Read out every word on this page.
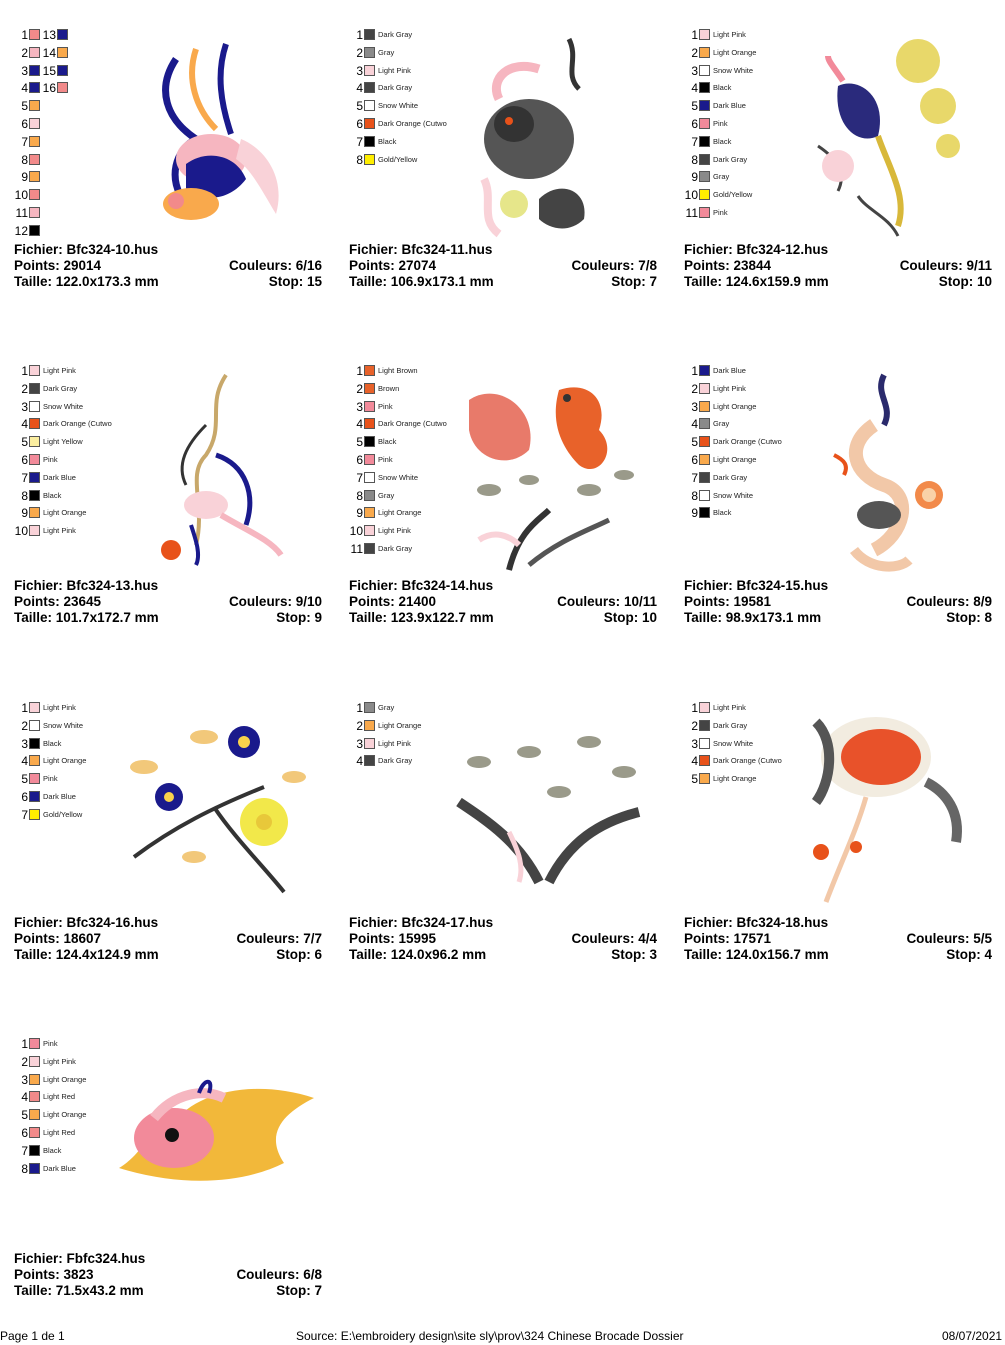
1 13
2 14
3 15
4 16
5
6
7
8
9
10
11
12
Fichier: Bfc324-10.hus
Points: 29014	Couleurs: 6/16
Taille: 122.0x173.3 mm	Stop: 15
1 Dark Gray
2 Gray
3 Light Pink
4 Dark Gray
5 Snow White
6 Dark Orange (Cutwo
7 Black
8 Gold/Yellow
Fichier: Bfc324-11.hus
Points: 27074	Couleurs: 7/8
Taille: 106.9x173.1 mm	Stop: 7
1 Light Pink
2 Light Orange
3 Snow White
4 Black
5 Dark Blue
6 Pink
7 Black
8 Dark Gray
9 Gray
10 Gold/Yellow
11 Pink
Fichier: Bfc324-12.hus
Points: 23844	Couleurs: 9/11
Taille: 124.6x159.9 mm	Stop: 10
1 Light Pink
2 Dark Gray
3 Snow White
4 Dark Orange (Cutwo
5 Light Yellow
6 Pink
7 Dark Blue
8 Black
9 Light Orange
10 Light Pink
Fichier: Bfc324-13.hus
Points: 23645	Couleurs: 9/10
Taille: 101.7x172.7 mm	Stop: 9
1 Light Brown
2 Brown
3 Pink
4 Dark Orange (Cutwo
5 Black
6 Pink
7 Snow White
8 Gray
9 Light Orange
10 Light Pink
11 Dark Gray
Fichier: Bfc324-14.hus
Points: 21400	Couleurs: 10/11
Taille: 123.9x122.7 mm	Stop: 10
1 Dark Blue
2 Light Pink
3 Light Orange
4 Gray
5 Dark Orange (Cutwo
6 Light Orange
7 Dark Gray
8 Snow White
9 Black
Fichier: Bfc324-15.hus
Points: 19581	Couleurs: 8/9
Taille: 98.9x173.1 mm	Stop: 8
1 Light Pink
2 Snow White
3 Black
4 Light Orange
5 Pink
6 Dark Blue
7 Gold/Yellow
Fichier: Bfc324-16.hus
Points: 18607	Couleurs: 7/7
Taille: 124.4x124.9 mm	Stop: 6
1 Gray
2 Light Orange
3 Light Pink
4 Dark Gray
Fichier: Bfc324-17.hus
Points: 15995	Couleurs: 4/4
Taille: 124.0x96.2 mm	Stop: 3
1 Light Pink
2 Dark Gray
3 Snow White
4 Dark Orange (Cutwo
5 Light Orange
Fichier: Bfc324-18.hus
Points: 17571	Couleurs: 5/5
Taille: 124.0x156.7 mm	Stop: 4
1 Pink
2 Light Pink
3 Light Orange
4 Light Red
5 Light Orange
6 Light Red
7 Black
8 Dark Blue
Fichier: Fbfc324.hus
Points: 3823	Couleurs: 6/8
Taille: 71.5x43.2 mm	Stop: 7
Page 1 de 1	Source: E:\embroidery design\site sly\prov\324 Chinese Brocade Dossier	08/07/2021
